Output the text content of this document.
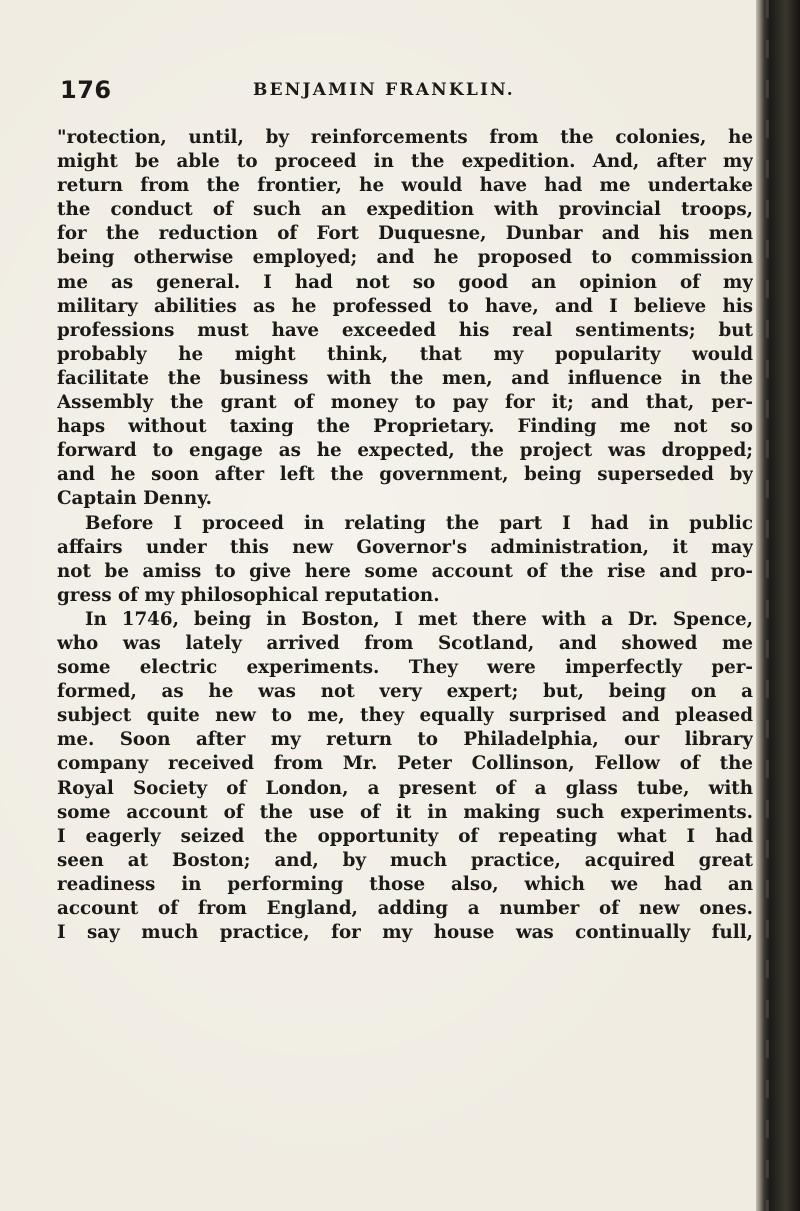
176	BENJAMIN FRANKLIN.
"rotection, until, by reinforcements from the colonies, he
might be able to proceed in the expedition. And, after my
return from the frontier, he would have had me undertake
the conduct of such an expedition with provincial troops,
for the reduction of Fort Duquesne, Dunbar and his men
being otherwise employed; and he proposed to commission
me as general. I had not so good an opinion of my
military abilities as he professed to have, and I believe his
professions must have exceeded his real sentiments; but
probably he might think, that my popularity would
facilitate the business with the men, and influence in the
Assembly the grant of money to pay for it; and that, per-
haps without taxing the Proprietary. Finding me not so
forward to engage as he expected, the project was dropped;
and he soon after left the government, being superseded by
Captain Denny.
Before I proceed in relating the part I had in public
affairs under this new Governor's administration, it may
not be amiss to give here some account of the rise and pro-
gress of my philosophical reputation.
In 1746, being in Boston, I met there with a Dr. Spence,
who was lately arrived from Scotland, and showed me
some electric experiments. They were imperfectly per-
formed, as he was not very expert; but, being on a
subject quite new to me, they equally surprised and pleased
me. Soon after my return to Philadelphia, our library
company received from Mr. Peter Collinson, Fellow of the
Royal Society of London, a present of a glass tube, with
some account of the use of it in making such experiments.
I eagerly seized the opportunity of repeating what I had
seen at Boston; and, by much practice, acquired great
readiness in performing those also, which we had an
account of from England, adding a number of new ones.
I say much practice, for my house was continually full,
